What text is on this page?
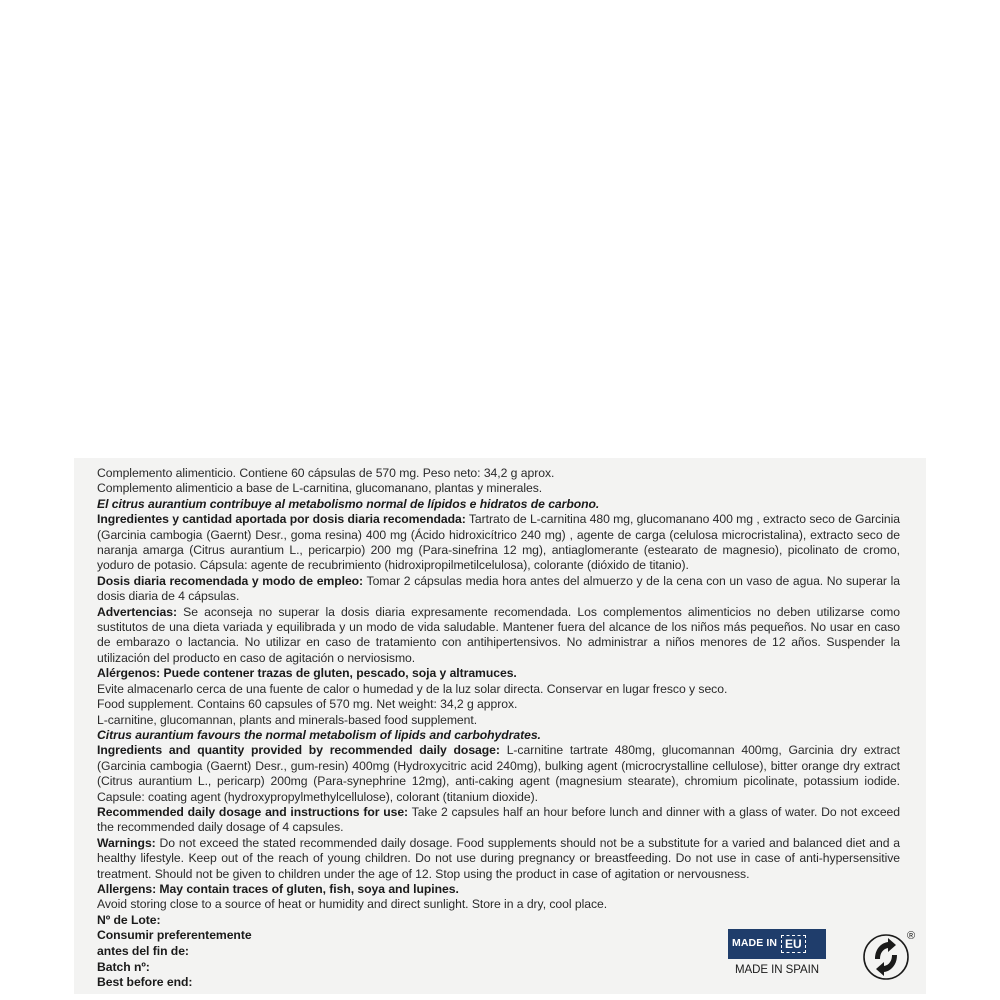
Complemento alimenticio. Contiene 60 cápsulas de 570 mg. Peso neto: 34,2 g aprox.

Complemento alimenticio a base de L-carnitina, glucomanano, plantas y minerales.

El citrus aurantium contribuye al metabolismo normal de lípidos e hidratos de carbono.

Ingredientes y cantidad aportada por dosis diaria recomendada: Tartrato de L-carnitina 480 mg, glucomanano 400 mg , extracto seco de Garcinia (Garcinia cambogia (Gaernt) Desr., goma resina) 400 mg (Ácido hidroxicítrico 240 mg) , agente de carga (celulosa microcristalina), extracto seco de naranja amarga (Citrus aurantium L., pericarpio) 200 mg (Para-sinefrina 12 mg), antiaglomerante (estearato de magnesio), picolinato de cromo, yoduro de potasio. Cápsula: agente de recubrimiento (hidroxipropilmetilcelulosa), colorante (dióxido de titanio).

Dosis diaria recomendada y modo de empleo: Tomar 2 cápsulas media hora antes del almuerzo y de la cena con un vaso de agua. No superar la dosis diaria de 4 cápsulas.

Advertencias: Se aconseja no superar la dosis diaria expresamente recomendada. Los complementos alimenticios no deben utilizarse como sustitutos de una dieta variada y equilibrada y un modo de vida saludable. Mantener fuera del alcance de los niños más pequeños. No usar en caso de embarazo o lactancia. No utilizar en caso de tratamiento con antihipertensivos. No administrar a niños menores de 12 años. Suspender la utilización del producto en caso de agitación o nerviosismo.

Alérgenos: Puede contener trazas de gluten, pescado, soja y altramuces.

Evite almacenarlo cerca de una fuente de calor o humedad y de la luz solar directa. Conservar en lugar fresco y seco.

Food supplement. Contains 60 capsules of 570 mg. Net weight: 34,2 g approx.

L-carnitine, glucomannan, plants and minerals-based food supplement.

Citrus aurantium favours the normal metabolism of lipids and carbohydrates.

Ingredients and quantity provided by recommended daily dosage: L-carnitine tartrate 480mg, glucomannan 400mg, Garcinia dry extract (Garcinia cambogia (Gaernt) Desr., gum-resin) 400mg (Hydroxycitric acid 240mg), bulking agent (microcrystalline cellulose), bitter orange dry extract (Citrus aurantium L., pericarp) 200mg (Para-synephrine 12mg), anti-caking agent (magnesium stearate), chromium picolinate, potassium iodide. Capsule: coating agent (hydroxypropylmethylcellulose), colorant (titanium dioxide).

Recommended daily dosage and instructions for use: Take 2 capsules half an hour before lunch and dinner with a glass of water. Do not exceed the recommended daily dosage of 4 capsules.

Warnings: Do not exceed the stated recommended daily dosage. Food supplements should not be a substitute for a varied and balanced diet and a healthy lifestyle. Keep out of the reach of young children. Do not use during pregnancy or breastfeeding. Do not use in case of anti-hypersensitive treatment. Should not be given to children under the age of 12. Stop using the product in case of agitation or nervousness.

Allergens: May contain traces of gluten, fish, soya and lupines.

Avoid storing close to a source of heat or humidity and direct sunlight. Store in a dry, cool place.

Nº de Lote:
Consumir preferentemente
antes del fin de:
Batch nº:
Best before end:
MADE IN EU
MADE IN SPAIN
®
